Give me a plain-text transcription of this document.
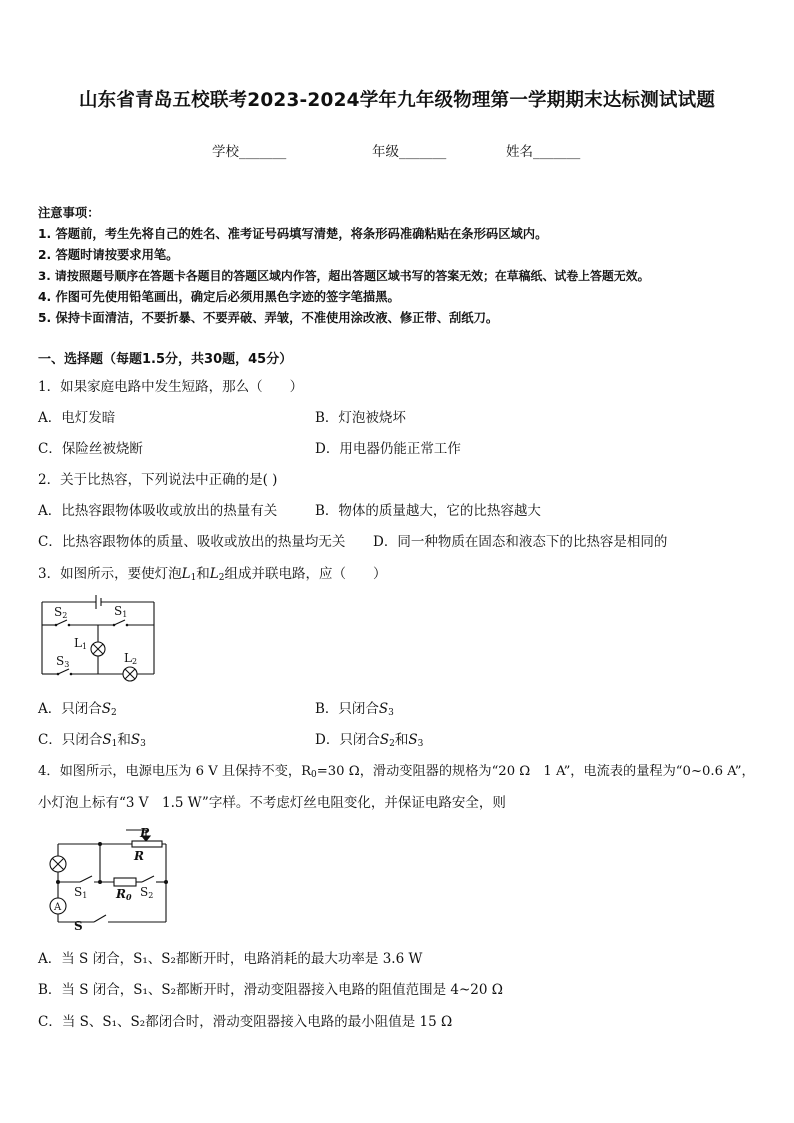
山东省青岛五校联考2023-2024学年九年级物理第一学期期末达标测试试题
学校_______	年级_______	姓名_______
注意事项：
1. 答题前，考生先将自己的姓名、准考证号码填写清楚，将条形码准确粘贴在条形码区域内。
2. 答题时请按要求用笔。
3. 请按照题号顺序在答题卡各题目的答题区域内作答，超出答题区域书写的答案无效；在草稿纸、试卷上答题无效。
4. 作图可先使用铅笔画出，确定后必须用黑色字迹的签字笔描黑。
5. 保持卡面清洁，不要折暴、不要弄破、弄皱，不准使用涂改液、修正带、刮纸刀。
一、选择题（每题1.5分，共30题，45分）
1．如果家庭电路中发生短路，那么（　　）
A．电灯发暗	B．灯泡被烧坏
C．保险丝被烧断	D．用电器仍能正常工作
2．关于比热容，下列说法中正确的是( )
A．比热容跟物体吸收或放出的热量有关	B．物体的质量越大，它的比热容越大
C．比热容跟物体的质量、吸收或放出的热量均无关 D．同一种物质在固态和液态下的比热容是相同的
3．如图所示，要使灯泡$L_1$和$L_2$组成并联电路，应（　　）
S2	S1
L1
S3	L2
A．只闭合$S_2$	B．只闭合$S_3$
C．只闭合$S_1$和$S_3$	D．只闭合$S_2$和$S_3$
4．如图所示，电源电压为 6 V 且保持不变，$R_0=30$ Ω，滑动变阻器的规格为“20 Ω　1 A”，电流表的量程为“0~0.6 A”，
小灯泡上标有“3 V　1.5 W”字样。不考虑灯丝电阻变化，并保证电路安全，则
P
R
A
S1 R0 S2
S
A．当 S 闭合，S₁、S₂都断开时，电路消耗的最大功率是 3.6 W
B．当 S 闭合，S₁、S₂都断开时，滑动变阻器接入电路的阻值范围是 4~20 Ω
C．当 S、S₁、S₂都闭合时，滑动变阻器接入电路的最小阻值是 15 Ω
